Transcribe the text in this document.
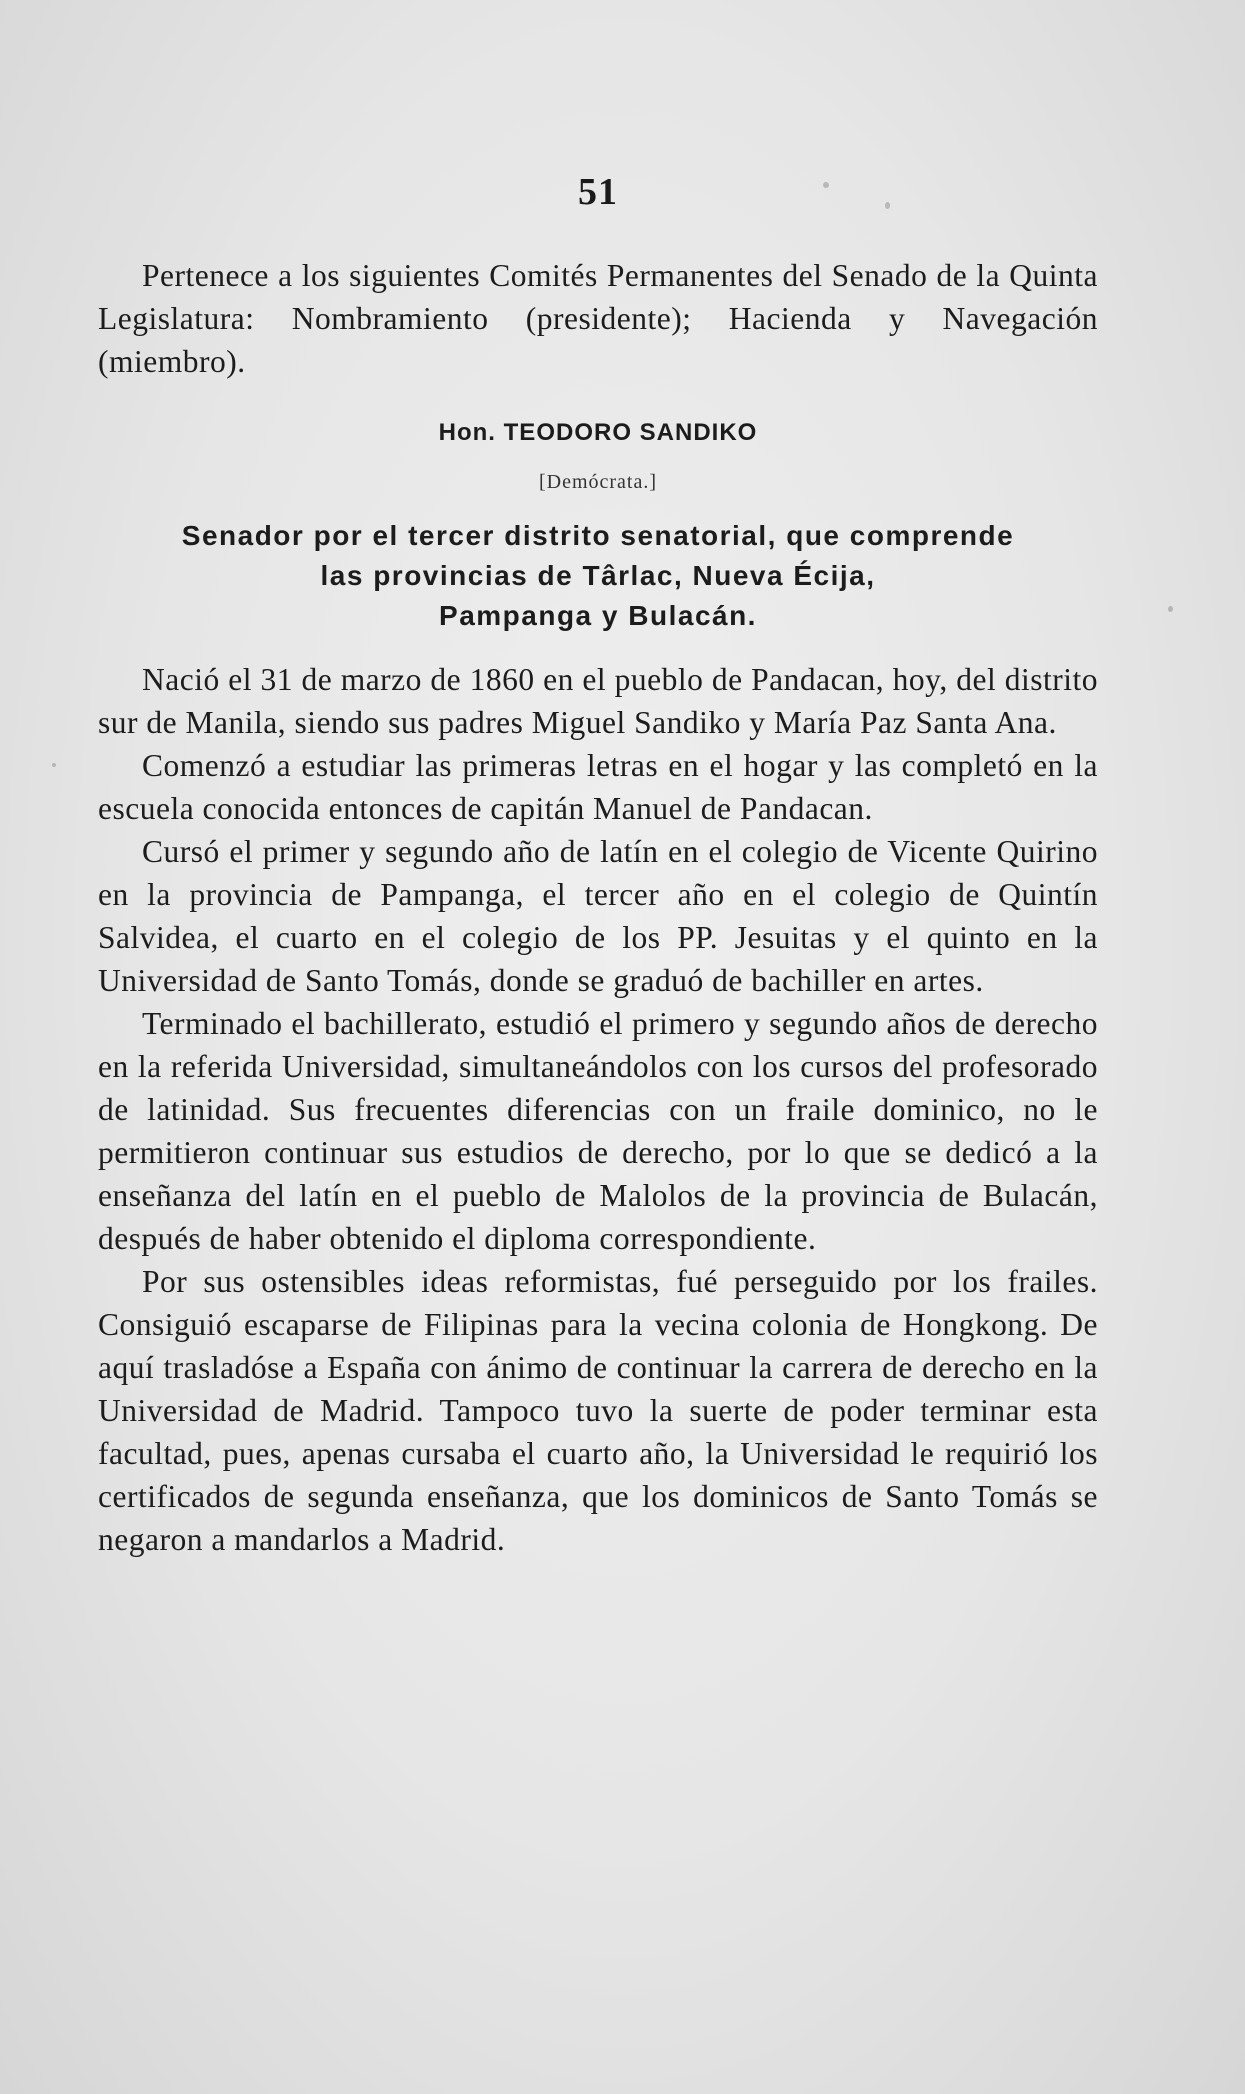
51

Pertenece a los siguientes Comités Permanentes del Senado de la Quinta Legislatura: Nombramiento (presidente); Hacienda y Navegación (miembro).

Hon. TEODORO SANDIKO
[Demócrata.]
Senador por el tercer distrito senatorial, que comprende
las provincias de Târlac, Nueva Écija,
Pampanga y Bulacán.

Nació el 31 de marzo de 1860 en el pueblo de Pandacan, hoy, del distrito sur de Manila, siendo sus padres Miguel Sandiko y María Paz Santa Ana.

Comenzó a estudiar las primeras letras en el hogar y las completó en la escuela conocida entonces de capitán Manuel de Pandacan.

Cursó el primer y segundo año de latín en el colegio de Vicente Quirino en la provincia de Pampanga, el tercer año en el colegio de Quintín Salvidea, el cuarto en el colegio de los PP. Jesuitas y el quinto en la Universidad de Santo Tomás, donde se graduó de bachiller en artes.

Terminado el bachillerato, estudió el primero y segundo años de derecho en la referida Universidad, simultaneándolos con los cursos del profesorado de latinidad. Sus frecuentes diferencias con un fraile dominico, no le permitieron continuar sus estudios de derecho, por lo que se dedicó a la enseñanza del latín en el pueblo de Malolos de la provincia de Bulacán, después de haber obtenido el diploma correspondiente.

Por sus ostensibles ideas reformistas, fué perseguido por los frailes. Consiguió escaparse de Filipinas para la vecina colonia de Hongkong. De aquí trasladóse a España con ánimo de continuar la carrera de derecho en la Universidad de Madrid. Tampoco tuvo la suerte de poder terminar esta facultad, pues, apenas cursaba el cuarto año, la Universidad le requirió los certificados de segunda enseñanza, que los dominicos de Santo Tomás se negaron a mandarlos a Madrid.
